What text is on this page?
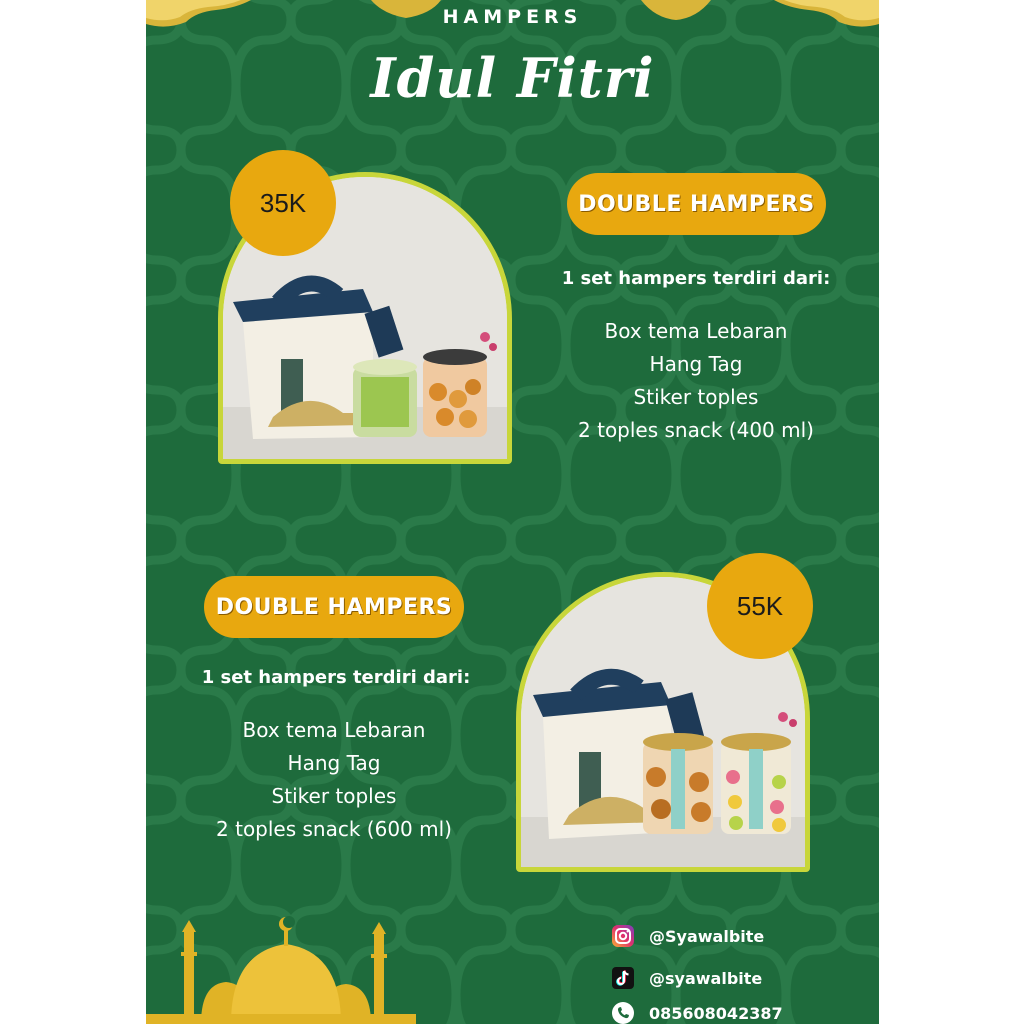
HAMPERS
Idul Fitri
35K	DOUBLE HAMPERS
1 set hampers terdiri dari:
Box tema Lebaran
Hang Tag
Stiker toples
2 toples snack (400 ml)
DOUBLE HAMPERS
1 set hampers terdiri dari:
Box tema Lebaran
Hang Tag
Stiker toples
2 toples snack (600 ml)
55K
@Syawalbite
@syawalbite
085608042387
